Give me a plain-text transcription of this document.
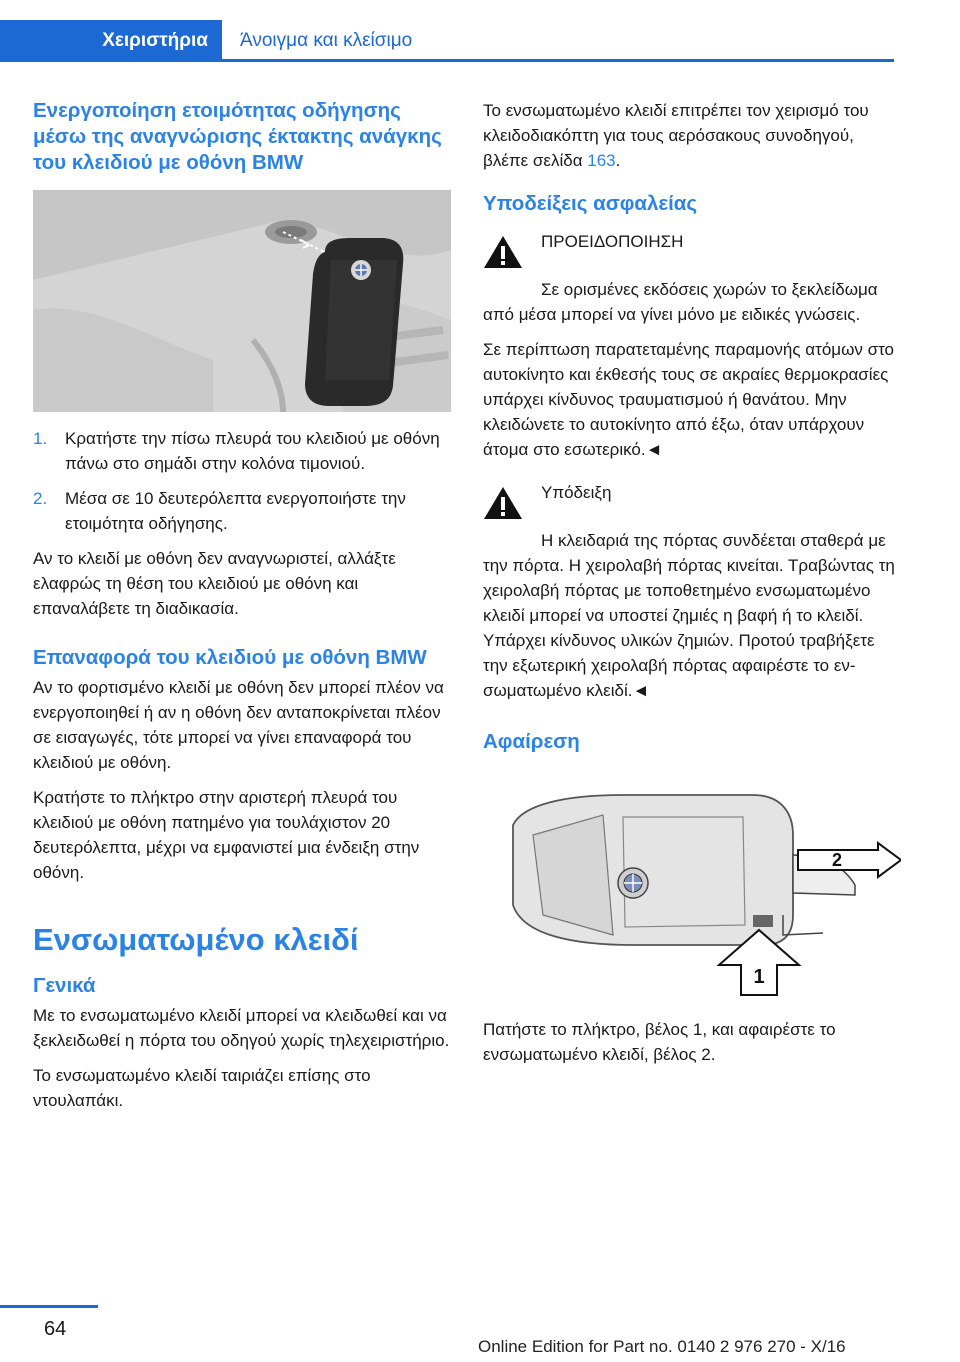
Χειριστήρια	Άνοιγμα και κλείσιμο
Ενεργοποίηση ετοιμότητας οδήγησης μέσω της αναγνώρισης έκτακτης ανάγκης του κλειδιού με οθόνη BMW
1. Κρατήστε την πίσω πλευρά του κλειδιού με οθόνη πάνω στο σημάδι στην κολόνα τιμονιού.
2. Μέσα σε 10 δευτερόλεπτα ενεργοποιήστε την ετοιμότητα οδήγησης.

Αν το κλειδί με οθόνη δεν αναγνωριστεί, αλλάξτε ελαφρώς τη θέση του κλειδιού με οθόνη και επαναλάβετε τη διαδικασία.

Επαναφορά του κλειδιού με οθόνη BMW

Αν το φορτισμένο κλειδί με οθόνη δεν μπορεί πλέον να ενεργοποιηθεί ή αν η οθόνη δεν ανταποκρίνεται πλέον σε εισαγωγές, τότε μπορεί να γίνει επαναφορά του κλειδιού με οθόνη.

Κρατήστε το πλήκτρο στην αριστερή πλευρά του κλειδιού με οθόνη πατημένο για τουλάχιστον 20 δευτερόλεπτα, μέχρι να εμφανιστεί μια ένδειξη στην οθόνη.

Ενσωματωμένο κλειδί
Γενικά

Με το ενσωματωμένο κλειδί μπορεί να κλειδωθεί και να ξεκλειδωθεί η πόρτα του οδηγού χωρίς τηλεχειριστήριο.

Το ενσωματωμένο κλειδί ταιριάζει επίσης στο ντουλαπάκι.

Το ενσωματωμένο κλειδί επιτρέπει τον χειρισμό του κλειδοδιακόπτη για τους αερόσακους συνοδηγού, βλέπε σελίδα 163.

Υποδείξεις ασφαλείας

ΠΡΟΕΙΔΟΠΟΙΗΣΗ

Σε ορισμένες εκδόσεις χωρών το ξεκλείδωμα από μέσα μπορεί να γίνει μόνο με ειδικές γνώσεις.

Σε περίπτωση παρατεταμένης παραμονής ατόμων στο αυτοκίνητο και έκθεσής τους σε ακραίες θερμοκρασίες υπάρχει κίνδυνος τραυματισμού ή θανάτου. Μην κλειδώνετε το αυτοκίνητο από έξω, όταν υπάρχουν άτομα στο εσωτερικό.◄

Υπόδειξη

Η κλειδαριά της πόρτας συνδέεται σταθερά με την πόρτα. Η χειρολαβή πόρτας κινείται. Τραβώντας τη χειρολαβή πόρτας με τοποθετημένο ενσωματωμένο κλειδί μπορεί να υποστεί ζημιές η βαφή ή το κλειδί. Υπάρχει κίνδυνος υλικών ζημιών. Προτού τραβήξετε την εξωτερική χειρολαβή πόρτας αφαιρέστε το ενσωματωμένο κλειδί.◄

Αφαίρεση
2
1

Πατήστε το πλήκτρο, βέλος 1, και αφαιρέστε το ενσωματωμένο κλειδί, βέλος 2.

64
Online Edition for Part no. 0140 2 976 270 - X/16
